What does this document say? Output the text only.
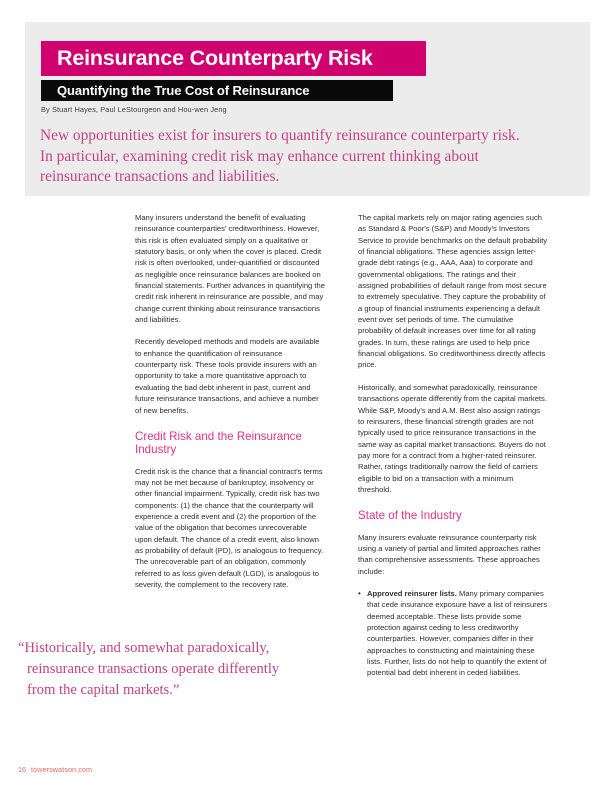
Reinsurance Counterparty Risk
Quantifying the True Cost of Reinsurance
By Stuart Hayes, Paul LeStourgeon and Hou-wen Jeng
New opportunities exist for insurers to quantify reinsurance counterparty risk.
In particular, examining credit risk may enhance current thinking about
reinsurance transactions and liabilities.

Many insurers understand the benefit of evaluating reinsurance counterparties' creditworthiness. However, this risk is often evaluated simply on a qualitative or statutory basis, or only when the cover is placed. Credit risk is often overlooked, under-quantified or discounted as negligible once reinsurance balances are booked on financial statements. Further advances in quantifying the credit risk inherent in reinsurance are possible, and may change current thinking about reinsurance transactions and liabilities.

Recently developed methods and models are available to enhance the quantification of reinsurance counterparty risk. These tools provide insurers with an opportunity to take a more quantitative approach to evaluating the bad debt inherent in past, current and future reinsurance transactions, and achieve a number of new benefits.

Credit Risk and the Reinsurance Industry

Credit risk is the chance that a financial contract's terms may not be met because of bankruptcy, insolvency or other financial impairment. Typically, credit risk has two components: (1) the chance that the counterparty will experience a credit event and (2) the proportion of the value of the obligation that becomes unrecoverable upon default. The chance of a credit event, also known as probability of default (PD), is analogous to frequency. The unrecoverable part of an obligation, commonly referred to as loss given default (LGD), is analogous to severity, the complement to the recovery rate.

The capital markets rely on major rating agencies such as Standard & Poor's (S&P) and Moody's Investors Service to provide benchmarks on the default probability of financial obligations. These agencies assign letter-grade debt ratings (e.g., AAA, Aaa) to corporate and governmental obligations. The ratings and their assigned probabilities of default range from most secure to extremely speculative. They capture the probability of a group of financial instruments experiencing a default event over set periods of time. The cumulative probability of default increases over time for all rating grades. In turn, these ratings are used to help price financial obligations. So creditworthiness directly affects price.

Historically, and somewhat paradoxically, reinsurance transactions operate differently from the capital markets. While S&P, Moody's and A.M. Best also assign ratings to reinsurers, these financial strength grades are not typically used to price reinsurance transactions in the same way as capital market transactions. Buyers do not pay more for a contract from a higher-rated reinsurer. Rather, ratings traditionally narrow the field of carriers eligible to bid on a transaction with a minimum threshold.

State of the Industry

Many insurers evaluate reinsurance counterparty risk using a variety of partial and limited approaches rather than comprehensive assessments. These approaches include:

• Approved reinsurer lists. Many primary companies that cede insurance exposure have a list of reinsurers deemed acceptable. These lists provide some protection against ceding to less creditworthy counterparties. However, companies differ in their approaches to constructing and maintaining these lists. Further, lists do not help to quantify the extent of potential bad debt inherent in ceded liabilities.
“Historically, and somewhat paradoxically,
reinsurance transactions operate differently
from the capital markets.”
16 towerswatson.com
